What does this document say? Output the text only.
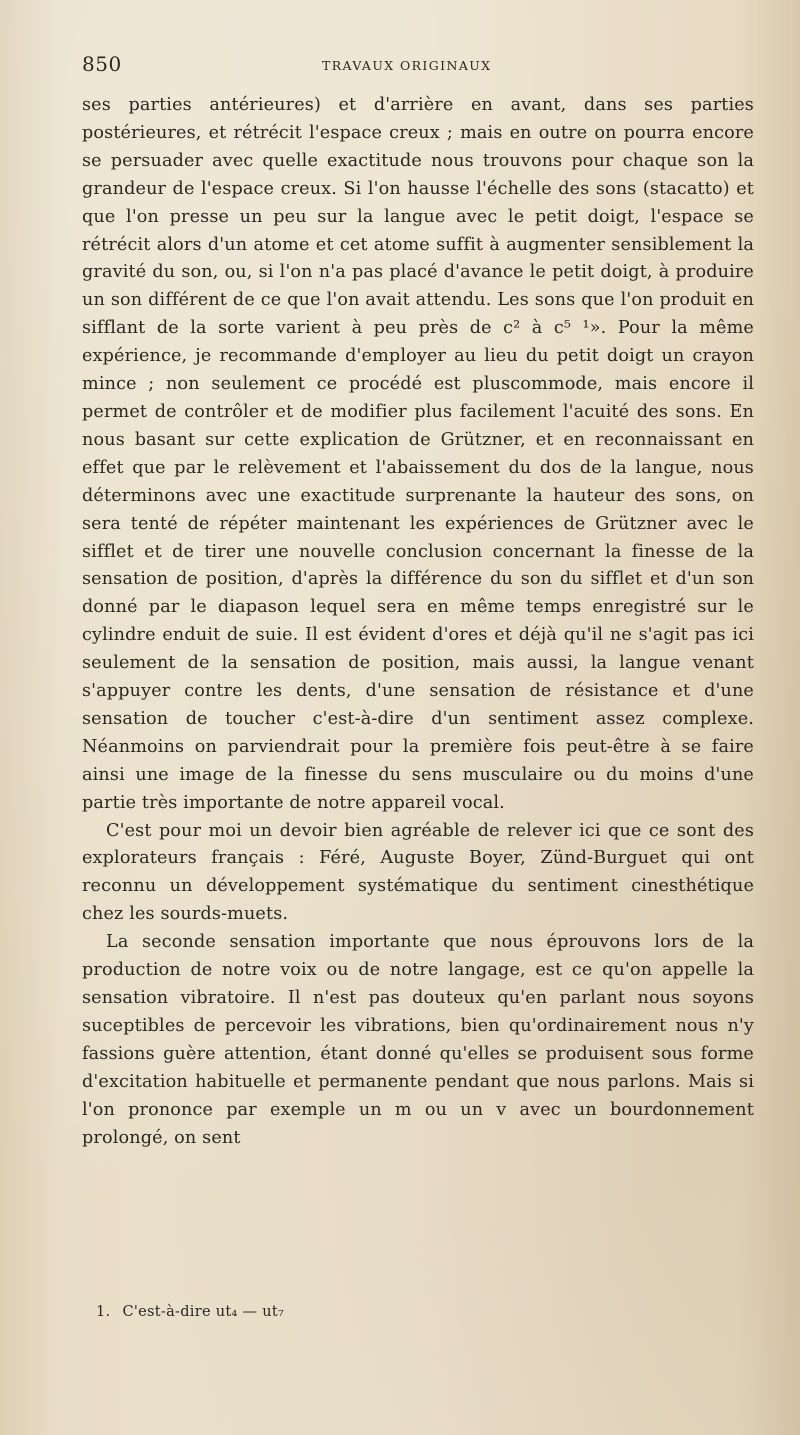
850	TRAVAUX ORIGINAUX

ses parties antérieures) et d'arrière en avant, dans ses parties postérieures, et rétrécit l'espace creux ; mais en outre on pourra encore se persuader avec quelle exactitude nous trouvons pour chaque son la grandeur de l'espace creux. Si l'on hausse l'échelle des sons (stacatto) et que l'on presse un peu sur la langue avec le petit doigt, l'espace se rétrécit alors d'un atome et cet atome suffit à augmenter sensiblement la gravité du son, ou, si l'on n'a pas placé d'avance le petit doigt, à produire un son différent de ce que l'on avait attendu. Les sons que l'on produit en sifflant de la sorte varient à peu près de c² à c⁵ ¹». Pour la même expérience, je recommande d'employer au lieu du petit doigt un crayon mince ; non seulement ce procédé est pluscommode, mais encore il permet de contrôler et de modifier plus facilement l'acuité des sons. En nous basant sur cette explication de Grützner, et en reconnaissant en effet que par le relèvement et l'abaissement du dos de la langue, nous déterminons avec une exactitude surprenante la hauteur des sons, on sera tenté de répéter maintenant les expériences de Grützner avec le sifflet et de tirer une nouvelle conclusion concernant la finesse de la sensation de position, d'après la différence du son du sifflet et d'un son donné par le diapason lequel sera en même temps enregistré sur le cylindre enduit de suie. Il est évident d'ores et déjà qu'il ne s'agit pas ici seulement de la sensation de position, mais aussi, la langue venant s'appuyer contre les dents, d'une sensation de résistance et d'une sensation de toucher c'est-à-dire d'un sentiment assez complexe. Néanmoins on parviendrait pour la première fois peut-être à se faire ainsi une image de la finesse du sens musculaire ou du moins d'une partie très importante de notre appareil vocal.

C'est pour moi un devoir bien agréable de relever ici que ce sont des explorateurs français : Féré, Auguste Boyer, Zünd-Burguet qui ont reconnu un développement systématique du sentiment cinesthétique chez les sourds-muets.

La seconde sensation importante que nous éprouvons lors de la production de notre voix ou de notre langage, est ce qu'on appelle la sensation vibratoire. Il n'est pas douteux qu'en parlant nous soyons suceptibles de percevoir les vibrations, bien qu'ordinairement nous n'y fassions guère attention, étant donné qu'elles se produisent sous forme d'excitation habituelle et permanente pendant que nous parlons. Mais si l'on prononce par exemple un m ou un v avec un bourdonnement prolongé, on sent

1. C'est-à-dire ut₄ — ut₇
